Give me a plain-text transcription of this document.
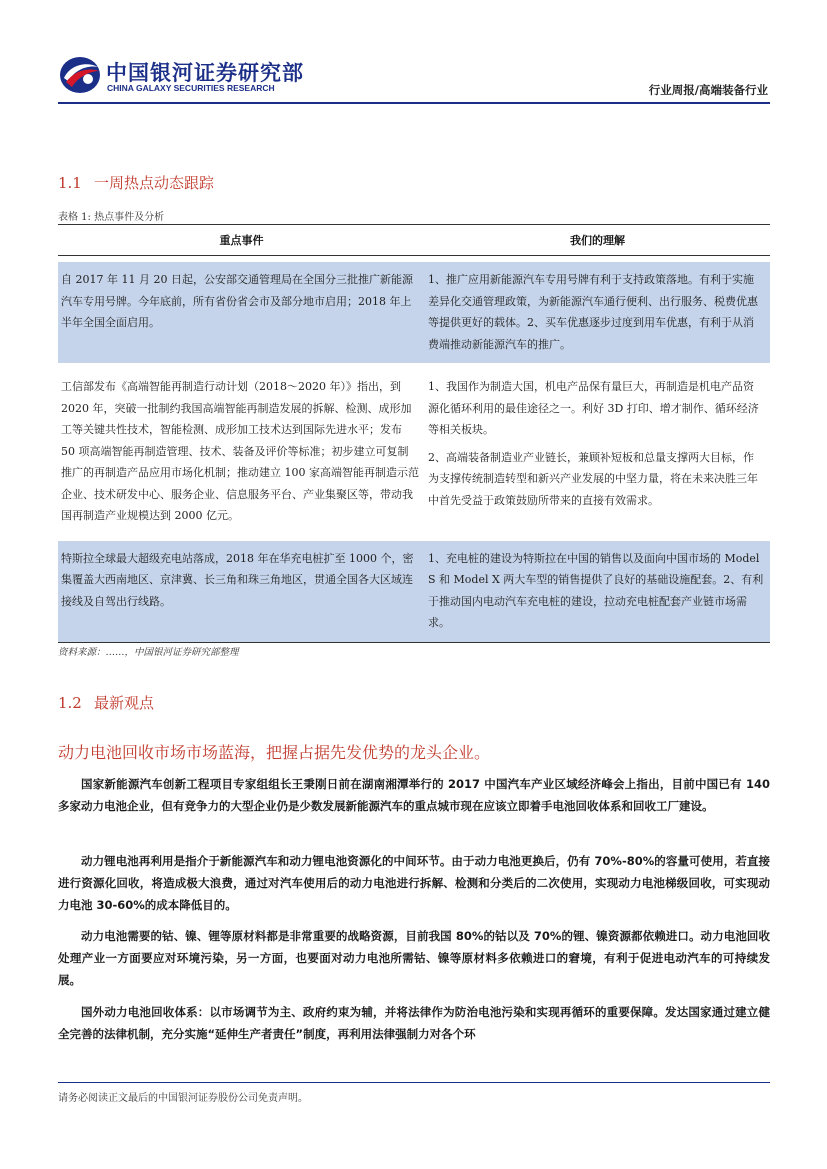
中国银河证券研究部
CHINA GALAXY SECURITIES RESEARCH	行业周报/高端装备行业
1.1 一周热点动态跟踪
表格 1: 热点事件及分析
重点事件	我们的理解

自 2017 年 11 月 20 日起，公安部交通管理局在全国分三批推广新能源汽车专用号牌。今年底前，所有省份省会市及部分地市启用；2018 年上半年全国全面启用。	1、推广应用新能源汽车专用号牌有利于支持政策落地。有利于实施差异化交通管理政策，为新能源汽车通行便利、出行服务、税费优惠等提供更好的载体。2、买车优惠逐步过度到用车优惠，有利于从消费端推动新能源汽车的推广。

工信部发布《高端智能再制造行动计划（2018～2020 年）》指出，到 2020 年，突破一批制约我国高端智能再制造发展的拆解、检测、成形加工等关键共性技术，智能检测、成形加工技术达到国际先进水平；发布 50 项高端智能再制造管理、技术、装备及评价等标准；初步建立可复制推广的再制造产品应用市场化机制；推动建立 100 家高端智能再制造示范企业、技术研发中心、服务企业、信息服务平台、产业集聚区等，带动我国再制造产业规模达到 2000 亿元。	1、我国作为制造大国，机电产品保有量巨大，再制造是机电产品资源化循环利用的最佳途径之一。利好 3D 打印、增才制作、循环经济等相关板块。

2、高端装备制造业产业链长，兼顾补短板和总量支撑两大目标，作为支撑传统制造转型和新兴产业发展的中坚力量，将在未来决胜三年中首先受益于政策鼓励所带来的直接有效需求。

特斯拉全球最大超级充电站落成，2018 年在华充电桩扩至 1000 个，密集覆盖大西南地区、京津冀、长三角和珠三角地区，贯通全国各大区域连接线及自驾出行线路。	1、充电桩的建设为特斯拉在中国的销售以及面向中国市场的 Model S 和 Model X 两大车型的销售提供了良好的基础设施配套。2、有利于推动国内电动汽车充电桩的建设，拉动充电桩配套产业链市场需求。

资料来源：……，中国银河证券研究部整理
1.2 最新观点
动力电池回收市场市场蓝海，把握占据先发优势的龙头企业。

国家新能源汽车创新工程项目专家组组长王秉刚日前在湖南湘潭举行的 2017 中国汽车产业区域经济峰会上指出，目前中国已有 140 多家动力电池企业，但有竞争力的大型企业仍是少数发展新能源汽车的重点城市现在应该立即着手电池回收体系和回收工厂建设。

动力锂电池再利用是指介于新能源汽车和动力锂电池资源化的中间环节。由于动力电池更换后，仍有 70%-80%的容量可使用，若直接进行资源化回收，将造成极大浪费，通过对汽车使用后的动力电池进行拆解、检测和分类后的二次使用，实现动力电池梯级回收，可实现动力电池 30-60%的成本降低目的。

动力电池需要的钴、镍、锂等原材料都是非常重要的战略资源，目前我国 80%的钴以及 70%的锂、镍资源都依赖进口。动力电池回收处理产业一方面要应对环境污染，另一方面，也要面对动力电池所需钴、镍等原材料多依赖进口的窘境，有利于促进电动汽车的可持续发展。

国外动力电池回收体系：以市场调节为主、政府约束为辅，并将法律作为防治电池污染和实现再循环的重要保障。发达国家通过建立健全完善的法律机制，充分实施“延伸生产者责任”制度，再利用法律强制力对各个环

请务必阅读正文最后的中国银河证券股份公司免责声明。
